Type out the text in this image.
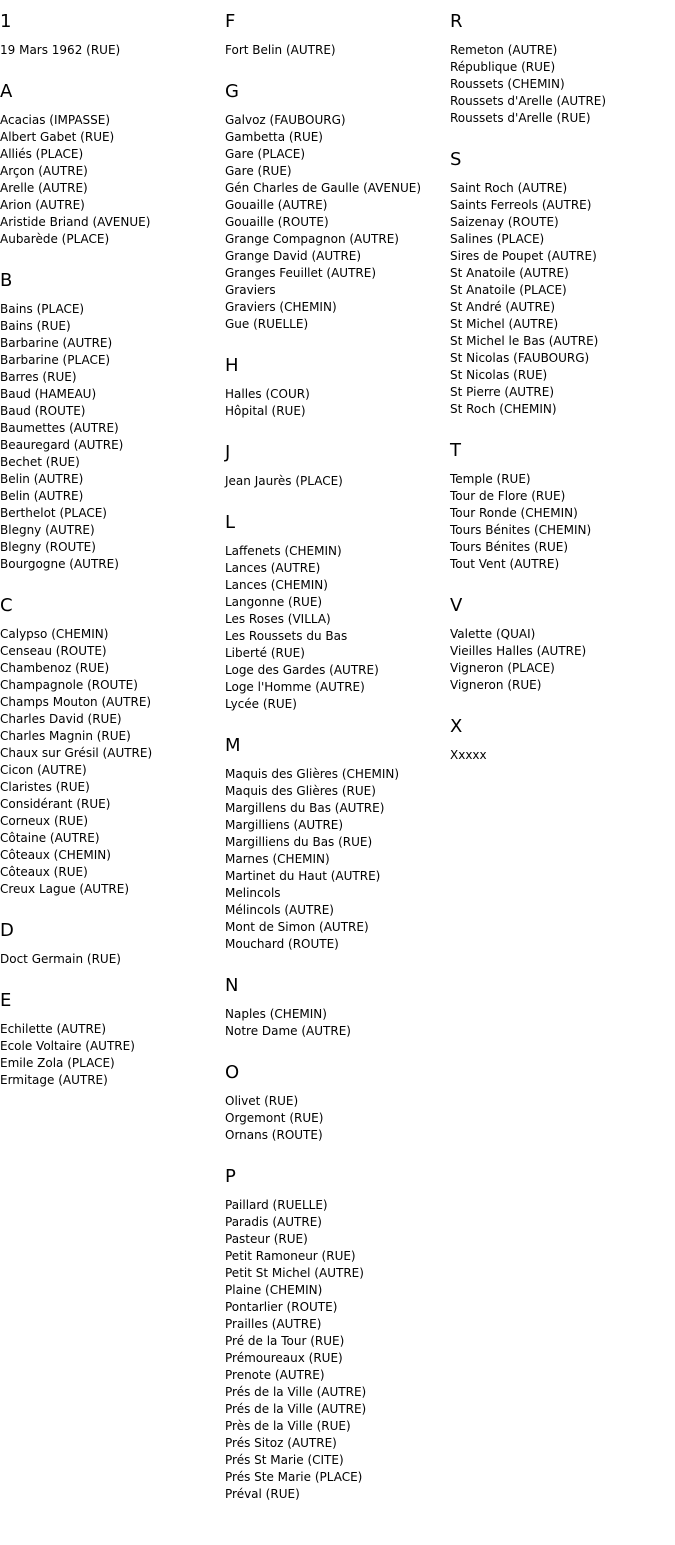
1
19 Mars 1962 (RUE)
A
Acacias (IMPASSE)
Albert Gabet (RUE)
Alliés (PLACE)
Arçon (AUTRE)
Arelle (AUTRE)
Arion (AUTRE)
Aristide Briand (AVENUE)
Aubarède (PLACE)
B
Bains (PLACE)
Bains (RUE)
Barbarine (AUTRE)
Barbarine (PLACE)
Barres (RUE)
Baud (HAMEAU)
Baud (ROUTE)
Baumettes (AUTRE)
Beauregard (AUTRE)
Bechet (RUE)
Belin (AUTRE)
Belin (AUTRE)
Berthelot (PLACE)
Blegny (AUTRE)
Blegny (ROUTE)
Bourgogne (AUTRE)
C
Calypso (CHEMIN)
Censeau (ROUTE)
Chambenoz (RUE)
Champagnole (ROUTE)
Champs Mouton (AUTRE)
Charles David (RUE)
Charles Magnin (RUE)
Chaux sur Grésil (AUTRE)
Cicon (AUTRE)
Claristes (RUE)
Considérant (RUE)
Corneux (RUE)
Côtaine (AUTRE)
Côteaux (CHEMIN)
Côteaux (RUE)
Creux Lague (AUTRE)
D
Doct Germain (RUE)
E
Echilette (AUTRE)
Ecole Voltaire (AUTRE)
Emile Zola (PLACE)
Ermitage (AUTRE)
F
Fort Belin (AUTRE)
G
Galvoz (FAUBOURG)
Gambetta (RUE)
Gare (PLACE)
Gare (RUE)
Gén Charles de Gaulle (AVENUE)
Gouaille (AUTRE)
Gouaille (ROUTE)
Grange Compagnon (AUTRE)
Grange David (AUTRE)
Granges Feuillet (AUTRE)
Graviers
Graviers (CHEMIN)
Gue (RUELLE)
H
Halles (COUR)
Hôpital (RUE)
J
Jean Jaurès (PLACE)
L
Laffenets (CHEMIN)
Lances (AUTRE)
Lances (CHEMIN)
Langonne (RUE)
Les Roses (VILLA)
Les Roussets du Bas
Liberté (RUE)
Loge des Gardes (AUTRE)
Loge l'Homme (AUTRE)
Lycée (RUE)
M
Maquis des Glières (CHEMIN)
Maquis des Glières (RUE)
Margillens du Bas (AUTRE)
Margilliens (AUTRE)
Margilliens du Bas (RUE)
Marnes (CHEMIN)
Martinet du Haut (AUTRE)
Melincols
Mélincols (AUTRE)
Mont de Simon (AUTRE)
Mouchard (ROUTE)
N
Naples (CHEMIN)
Notre Dame (AUTRE)
O
Olivet (RUE)
Orgemont (RUE)
Ornans (ROUTE)
P
Paillard (RUELLE)
Paradis (AUTRE)
Pasteur (RUE)
Petit Ramoneur (RUE)
Petit St Michel (AUTRE)
Plaine (CHEMIN)
Pontarlier (ROUTE)
Prailles (AUTRE)
Pré de la Tour (RUE)
Prémoureaux (RUE)
Prenote (AUTRE)
Prés de la Ville (AUTRE)
Prés de la Ville (AUTRE)
Près de la Ville (RUE)
Prés Sitoz (AUTRE)
Prés St Marie (CITE)
Prés Ste Marie (PLACE)
Préval (RUE)
R
Remeton (AUTRE)
République (RUE)
Roussets (CHEMIN)
Roussets d'Arelle (AUTRE)
Roussets d'Arelle (RUE)
S
Saint Roch (AUTRE)
Saints Ferreols (AUTRE)
Saizenay (ROUTE)
Salines (PLACE)
Sires de Poupet (AUTRE)
St Anatoile (AUTRE)
St Anatoile (PLACE)
St André (AUTRE)
St Michel (AUTRE)
St Michel le Bas (AUTRE)
St Nicolas (FAUBOURG)
St Nicolas (RUE)
St Pierre (AUTRE)
St Roch (CHEMIN)
T
Temple (RUE)
Tour de Flore (RUE)
Tour Ronde (CHEMIN)
Tours Bénites (CHEMIN)
Tours Bénites (RUE)
Tout Vent (AUTRE)
V
Valette (QUAI)
Vieilles Halles (AUTRE)
Vigneron (PLACE)
Vigneron (RUE)
X
Xxxxx
